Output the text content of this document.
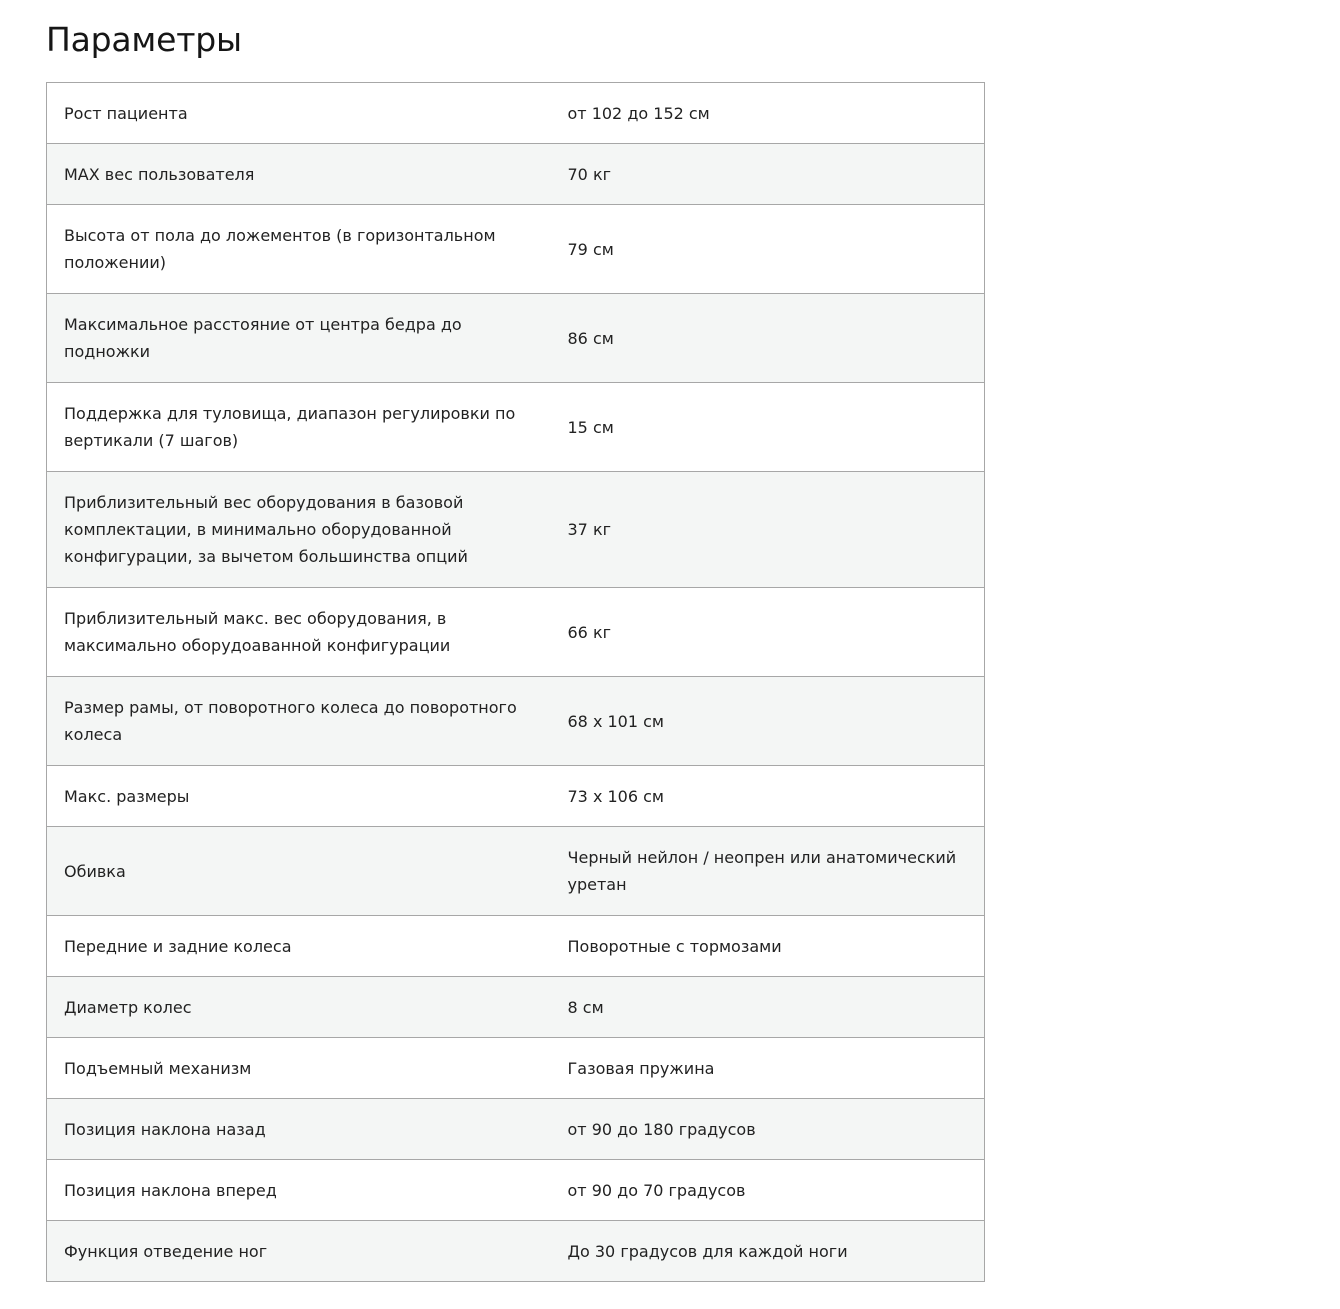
Параметры
Рост пациента	от 102 до 152 см
MAX вес пользователя	70 кг
Высота от пола до ложементов (в горизонтальном положении)	79 см
Максимальное расстояние от центра бедра до подножки	86 см
Поддержка для туловища, диапазон регулировки по вертикали (7 шагов)	15 см
Приблизительный вес оборудования в базовой комплектации, в минимально оборудованной конфигурации, за вычетом большинства опций	37 кг
Приблизительный макс. вес оборудования, в максимально оборудоаванной конфигурации	66 кг
Размер рамы, от поворотного колеса до поворотного колеса	68 x 101 см
Макс. размеры	73 x 106 см
Обивка	Черный нейлон / неопрен или анатомический уретан
Передние и задние колеса	Поворотные с тормозами
Диаметр колес	8 см
Подъемный механизм	Газовая пружина
Позиция наклона назад	от 90 до 180 градусов
Позиция наклона вперед	от 90 до 70 градусов
Функция отведение ног	До 30 градусов для каждой ноги
